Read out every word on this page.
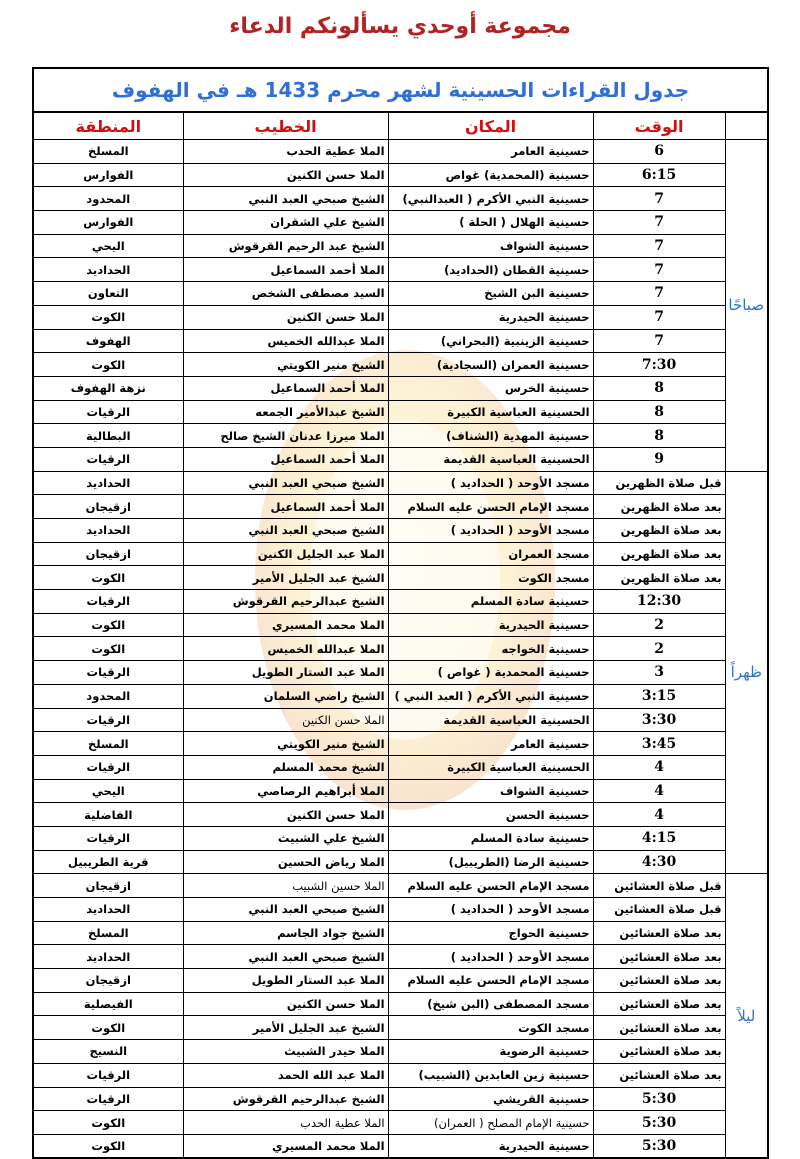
مجموعة أوحدي يسألونكم الدعاء
جدول القراءات الحسينية لشهر محرم 1433 هـ في الهفوف				
	الوقت	المكان	الخطيب	المنطقة
صباحًا	6	حسينية العامر	الملا عطية الحدب	المسلخ
	6:15	حسينية (المحمدية) غواص	الملا حسن الكنين	الفوارس
	7	حسينية النبي الأكرم ( العبدالنبي)	الشيخ صبحي العبد النبي	المحدود
	7	حسينية الهلال ( الحلة )	الشيخ علي الشقران	الفوارس
	7	حسينية الشواف	الشيخ عبد الرحيم القرقوش	اليحي
	7	حسينية القطان (الحداديد)	الملا أحمد السماعيل	الحداديد
	7	حسينية البن الشيخ	السيد مصطفى الشخص	التعاون
	7	حسينية الحيدرية	الملا حسن الكنين	الكوت
	7	حسينية الزينبية (البحراني)	الملا عبدالله الخميس	الهفوف
	7:30	حسينية العمران (السجادية)	الشيخ منير الكويتي	الكوت
	8	حسينية الخرس	الملا أحمد السماعيل	نزهة الهفوف
	8	الحسينية العباسية الكبيرة	الشيخ عبدالأمير الجمعه	الرقيات
	8	حسينية المهدية (الشناف)	الملا ميرزا عدنان الشيخ صالح	البطالية
	9	الحسينية العباسية القديمة	الملا أحمد السماعيل	الرقيات
ظهراً	قبل صلاة الظهرين	مسجد الأوحد ( الحداديد )	الشيخ صبحي العبد النبي	الحداديد
	بعد صلاة الظهرين	مسجد الإمام الحسن عليه السلام	الملا أحمد السماعيل	ازقيجان
	بعد صلاة الظهرين	مسجد الأوحد ( الحداديد )	الشيخ صبحي العبد النبي	الحداديد
	بعد صلاة الظهرين	مسجد العمران	الملا عبد الجليل الكنين	ازقيجان
	بعد صلاة الظهرين	مسجد الكوت	الشيخ عبد الجليل الأمير	الكوت
	12:30	حسينية سادة المسلم	الشيخ عبدالرحيم القرقوش	الرقيات
	2	حسينية الحيدرية	الملا محمد المسيري	الكوت
	2	حسينية الخواجه	الملا عبدالله الخميس	الكوت
	3	حسينية المحمدية ( غواص )	الملا عبد الستار الطويل	الرقيات
	3:15	حسينية النبي الأكرم ( العبد النبي )	الشيخ راضي السلمان	المحدود
	3:30	الحسينية العباسية القديمة	الملا حسن الكنين	الرقيات
	3:45	حسينية العامر	الشيخ منير الكويتي	المسلخ
	4	الحسينية العباسية الكبيرة	الشيخ محمد المسلم	الرقيات
	4	حسينية الشواف	الملا أبراهيم الرصاصي	اليحي
	4	حسينية الحسن	الملا حسن الكنين	الفاضلية
	4:15	حسينية سادة المسلم	الشيخ علي الشبيث	الرقيات
	4:30	حسينية الرضا (الطريبيل)	الملا رياض الحسين	قرية الطريبيل
ليلاً	قبل صلاة العشائين	مسجد الإمام الحسن عليه السلام	الملا حسين الشبيب	ازقيجان
	قبل صلاة العشائين	مسجد الأوحد ( الحداديد )	الشيخ صبحي العبد النبي	الحداديد
	بعد صلاة العشائين	حسينية الحواج	الشيخ جواد الجاسم	المسلخ
	بعد صلاة العشائين	مسجد الأوحد ( الحداديد )	الشيخ صبحي العبد النبي	الحداديد
	بعد صلاة العشائين	مسجد الإمام الحسن عليه السلام	الملا عبد الستار الطويل	ازقيجان
	بعد صلاة العشائين	مسجد المصطفى (البن شيخ)	الملا حسن الكنين	الفيصلية
	بعد صلاة العشائين	مسجد الكوت	الشيخ عبد الجليل الأمير	الكوت
	بعد صلاة العشائين	حسينية الرضوية	الملا حيدر الشبيث	النسيج
	بعد صلاة العشائين	حسينية زين العابدين (الشبيب)	الملا عبد الله الحمد	الرقيات
	5:30	حسينية القريشي	الشيخ عبدالرحيم القرقوش	الرقيات
	5:30	حسينية الإمام المصلح ( العمران)	الملا عطية الحدب	الكوت
	5:30	حسينية الحيدرية	الملا محمد المسيري	الكوت
